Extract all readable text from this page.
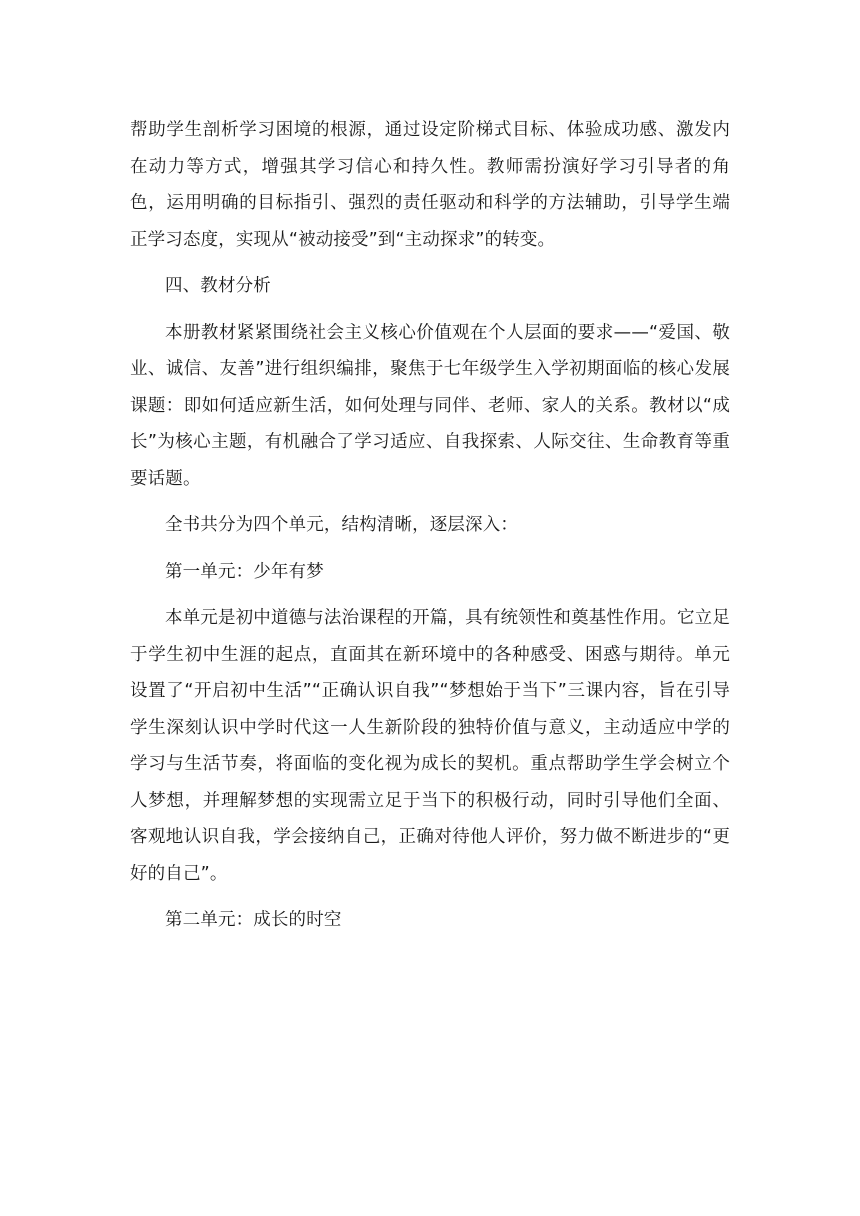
帮助学生剖析学习困境的根源，通过设定阶梯式目标、体验成功感、激发内在动力等方式，增强其学习信心和持久性。教师需扮演好学习引导者的角色，运用明确的目标指引、强烈的责任驱动和科学的方法辅助，引导学生端正学习态度，实现从“被动接受”到“主动探求”的转变。

四、教材分析

本册教材紧紧围绕社会主义核心价值观在个人层面的要求——“爱国、敬业、诚信、友善”进行组织编排，聚焦于七年级学生入学初期面临的核心发展课题：即如何适应新生活，如何处理与同伴、老师、家人的关系。教材以“成长”为核心主题，有机融合了学习适应、自我探索、人际交往、生命教育等重要话题。

全书共分为四个单元，结构清晰，逐层深入：

第一单元：少年有梦

本单元是初中道德与法治课程的开篇，具有统领性和奠基性作用。它立足于学生初中生涯的起点，直面其在新环境中的各种感受、困惑与期待。单元设置了“开启初中生活”“正确认识自我”“梦想始于当下”三课内容，旨在引导学生深刻认识中学时代这一人生新阶段的独特价值与意义，主动适应中学的学习与生活节奏，将面临的变化视为成长的契机。重点帮助学生学会树立个人梦想，并理解梦想的实现需立足于当下的积极行动，同时引导他们全面、客观地认识自我，学会接纳自己，正确对待他人评价，努力做不断进步的“更好的自己”。

第二单元：成长的时空
